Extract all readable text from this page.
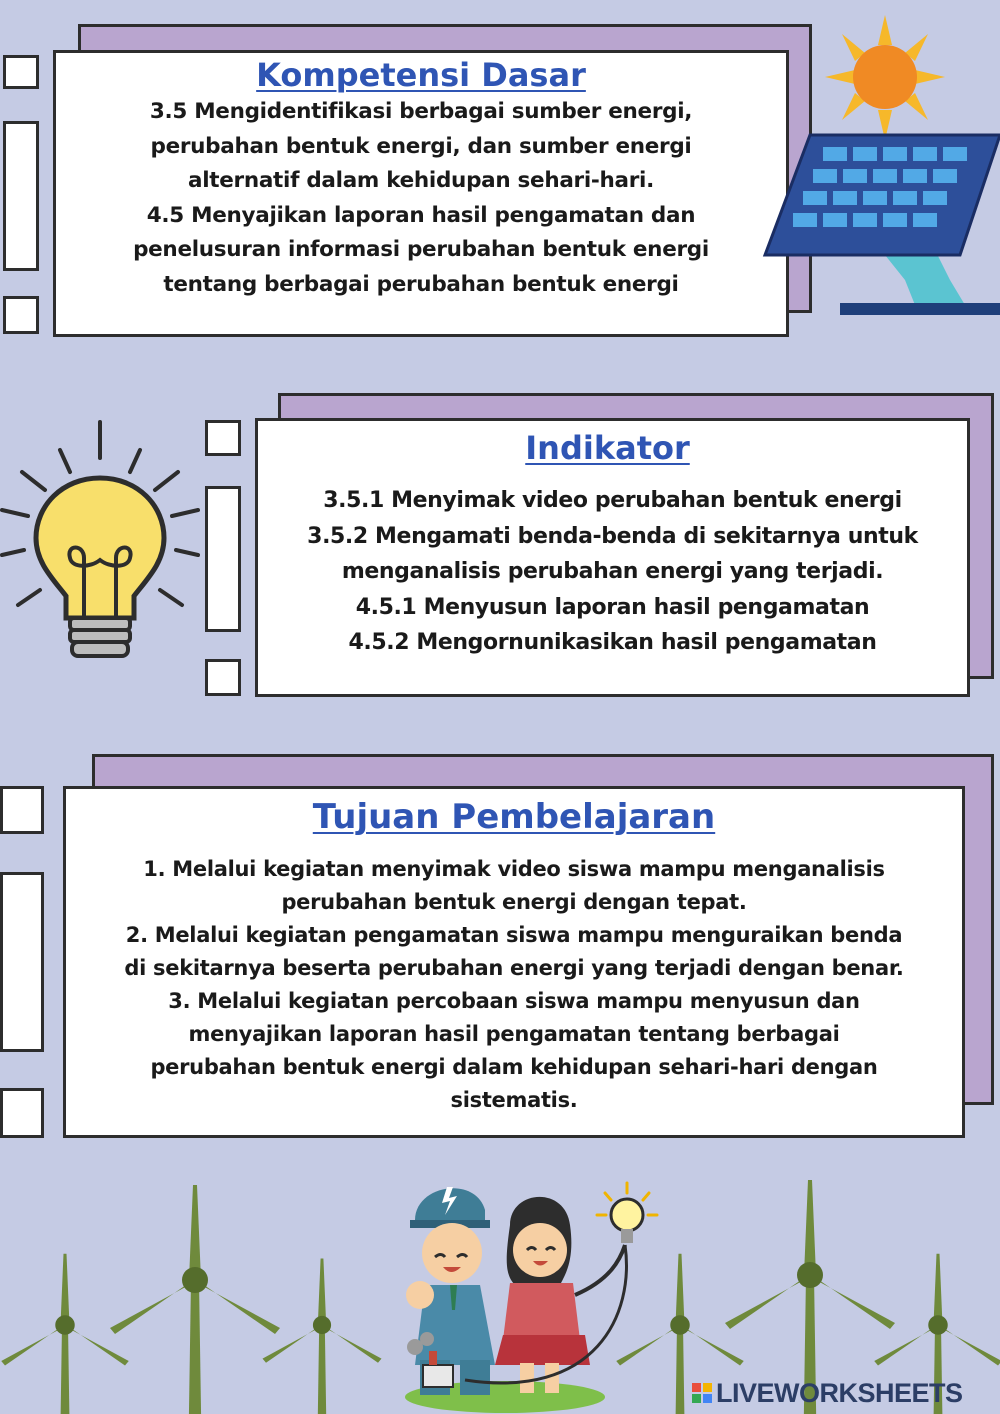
Kompetensi Dasar

3.5 Mengidentifikasi berbagai sumber energi,
perubahan bentuk energi, dan sumber energi
alternatif dalam kehidupan sehari-hari.
4.5 Menyajikan laporan hasil pengamatan dan
penelusuran informasi perubahan bentuk energi
tentang berbagai perubahan bentuk energi

Indikator

3.5.1 Menyimak video perubahan bentuk energi
3.5.2 Mengamati benda-benda di sekitarnya untuk
menganalisis perubahan energi yang terjadi.
4.5.1 Menyusun laporan hasil pengamatan
4.5.2 Mengornunikasikan hasil pengamatan

Tujuan Pembelajaran

1. Melalui kegiatan menyimak video siswa mampu menganalisis
perubahan bentuk energi dengan tepat.
2. Melalui kegiatan pengamatan siswa mampu menguraikan benda
di sekitarnya beserta perubahan energi yang terjadi dengan benar.
3. Melalui kegiatan percobaan siswa mampu menyusun dan
menyajikan laporan hasil pengamatan tentang berbagai
perubahan bentuk energi dalam kehidupan sehari-hari dengan
sistematis.

LIVEWORKSHEETS
